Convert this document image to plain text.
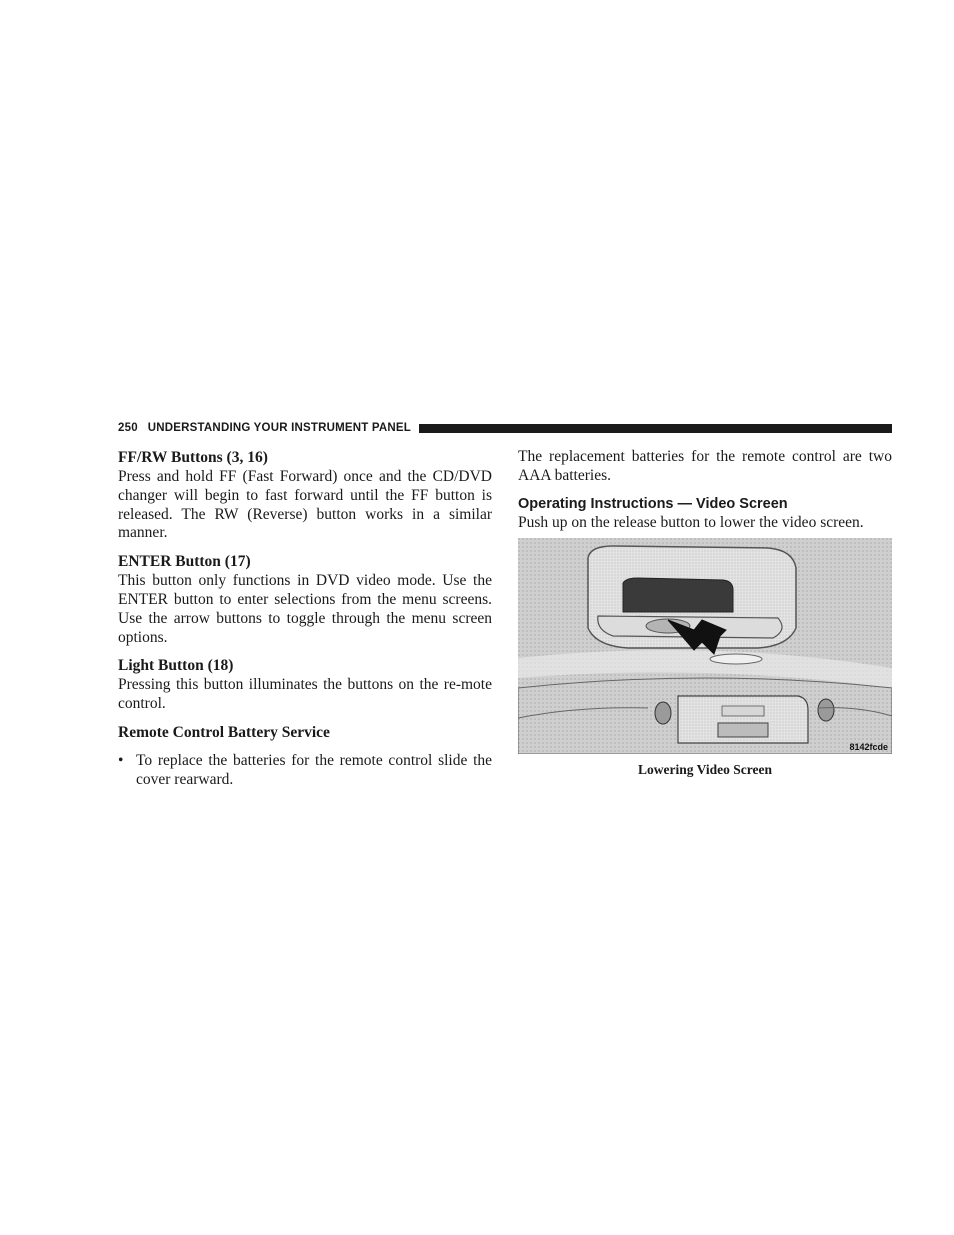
250 UNDERSTANDING YOUR INSTRUMENT PANEL
FF/RW Buttons (3, 16)

Press and hold FF (Fast Forward) once and the CD/DVD changer will begin to fast forward until the FF button is released. The RW (Reverse) button works in a similar manner.

ENTER Button (17)

This button only functions in DVD video mode. Use the ENTER button to enter selections from the menu screens. Use the arrow buttons to toggle through the menu screen options.

Light Button (18)

Pressing this button illuminates the buttons on the re-mote control.

Remote Control Battery Service
• To replace the batteries for the remote control slide the cover rearward.

The replacement batteries for the remote control are two AAA batteries.

Operating Instructions — Video Screen

Push up on the release button to lower the video screen.

8142fcde
Lowering Video Screen
